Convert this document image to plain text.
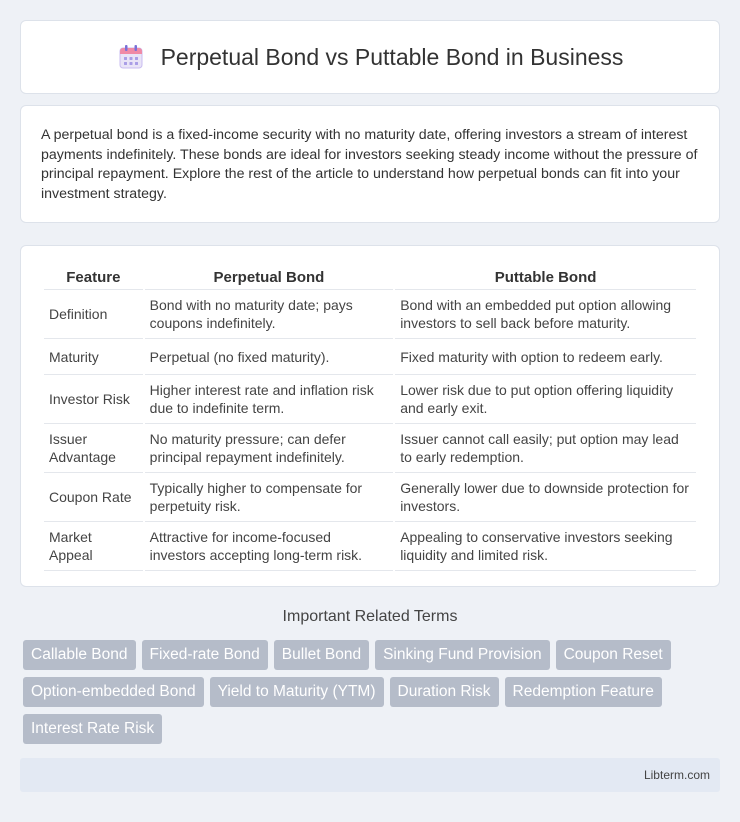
Perpetual Bond vs Puttable Bond in Business

A perpetual bond is a fixed-income security with no maturity date, offering investors a stream of interest payments indefinitely. These bonds are ideal for investors seeking steady income without the pressure of principal repayment. Explore the rest of the article to understand how perpetual bonds can fit into your investment strategy.

Feature	Perpetual Bond	Puttable Bond
Definition	Bond with no maturity date; pays coupons indefinitely.	Bond with an embedded put option allowing investors to sell back before maturity.
Maturity	Perpetual (no fixed maturity).	Fixed maturity with option to redeem early.
Investor Risk	Higher interest rate and inflation risk due to indefinite term.	Lower risk due to put option offering liquidity and early exit.
Issuer Advantage	No maturity pressure; can defer principal repayment indefinitely.	Issuer cannot call easily; put option may lead to early redemption.
Coupon Rate	Typically higher to compensate for perpetuity risk.	Generally lower due to downside protection for investors.
Market Appeal	Attractive for income-focused investors accepting long-term risk.	Appealing to conservative investors seeking liquidity and limited risk.
Important Related Terms
Callable Bond	Fixed-rate Bond	Bullet Bond	Sinking Fund Provision	Coupon Reset
Option-embedded Bond	Yield to Maturity (YTM)	Duration Risk	Redemption Feature
Interest Rate Risk
Libterm.com
